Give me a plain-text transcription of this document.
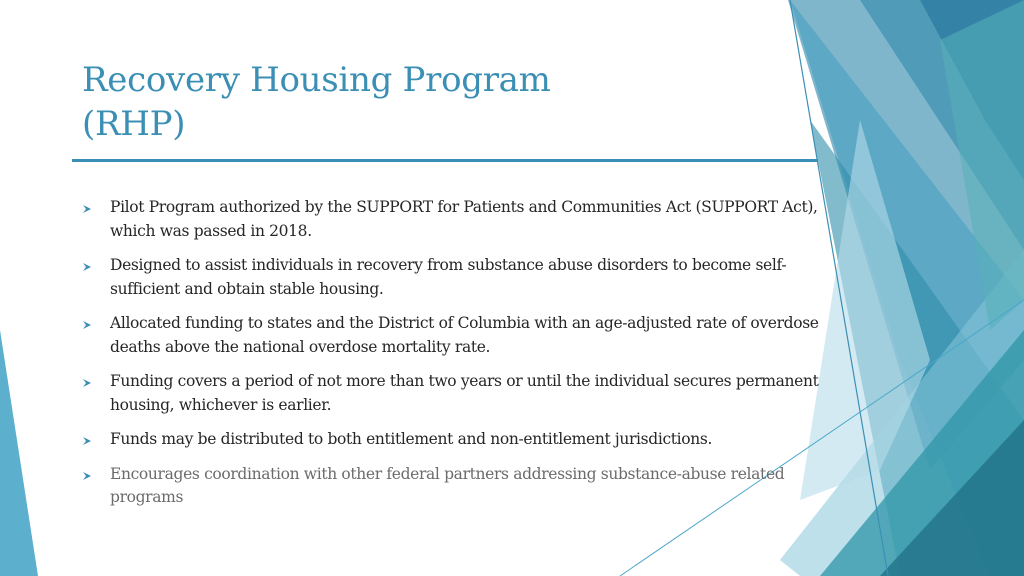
Recovery Housing Program
(RHP)
Pilot Program authorized by the SUPPORT for Patients and Communities Act (SUPPORT Act), which was passed in 2018.
Designed to assist individuals in recovery from substance abuse disorders to become self-sufficient and obtain stable housing.
Allocated funding to states and the District of Columbia with an age-adjusted rate of overdose deaths above the national overdose mortality rate.
Funding covers a period of not more than two years or until the individual secures permanent housing, whichever is earlier.
Funds may be distributed to both entitlement and non-entitlement jurisdictions.
Encourages coordination with other federal partners addressing substance-abuse related programs
